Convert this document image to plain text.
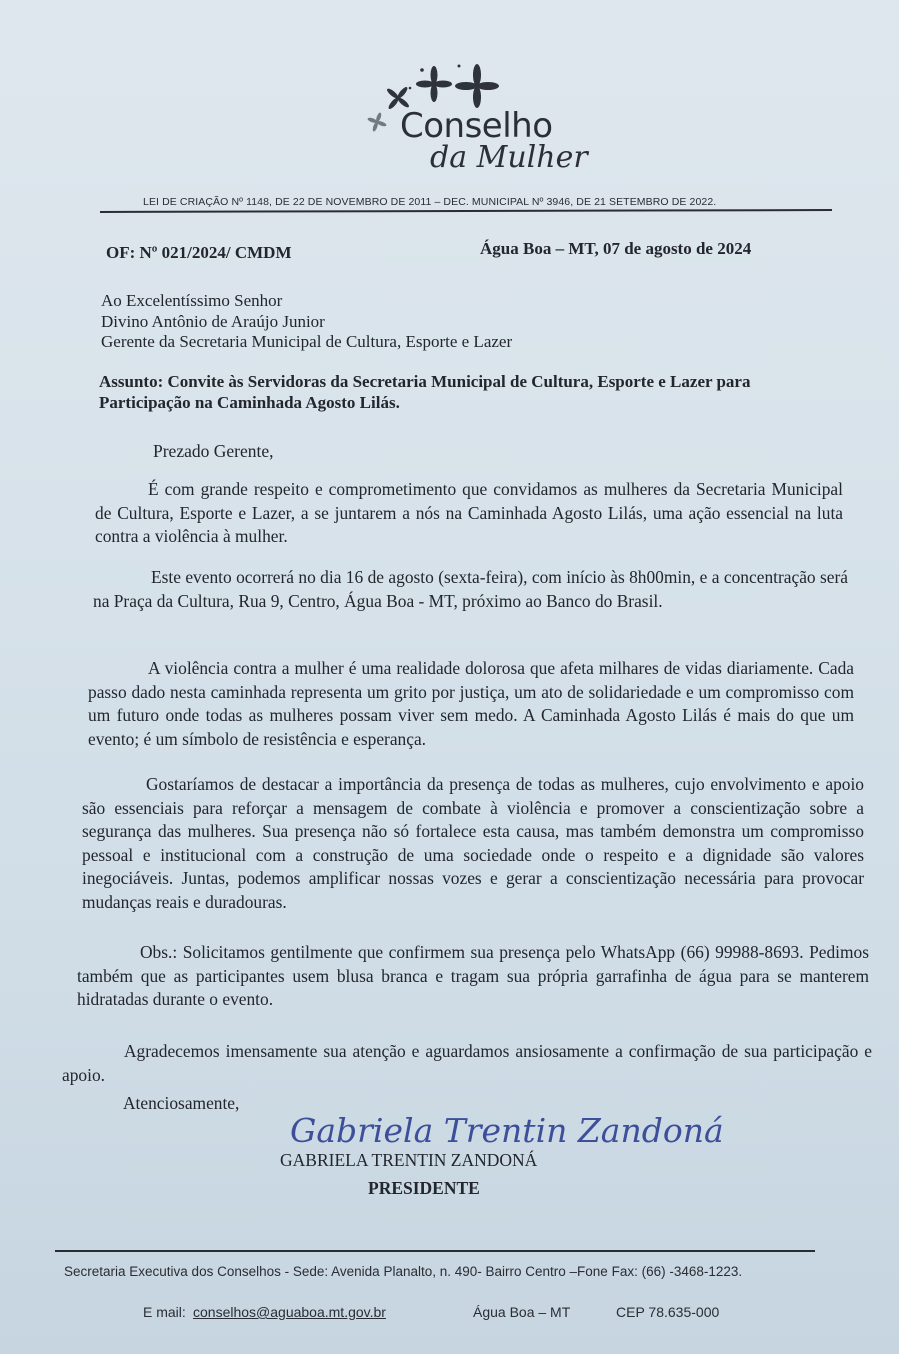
Conselho
da Mulher
LEI DE CRIAÇÃO Nº 1148, DE 22 DE NOVEMBRO DE 2011 – DEC. MUNICIPAL Nº 3946, DE 21 SETEMBRO DE 2022.
OF: Nº 021/2024/ CMDM	Água Boa – MT, 07 de agosto de 2024
Ao Excelentíssimo Senhor
Divino Antônio de Araújo Junior
Gerente da Secretaria Municipal de Cultura, Esporte e Lazer
Assunto: Convite às Servidoras da Secretaria Municipal de Cultura, Esporte e Lazer para Participação na Caminhada Agosto Lilás.
Prezado Gerente,
É com grande respeito e comprometimento que convidamos as mulheres da Secretaria Municipal de Cultura, Esporte e Lazer, a se juntarem a nós na Caminhada Agosto Lilás, uma ação essencial na luta contra a violência à mulher.
Este evento ocorrerá no dia 16 de agosto (sexta-feira), com início às 8h00min, e a concentração será na Praça da Cultura, Rua 9, Centro, Água Boa - MT, próximo ao Banco do Brasil.
A violência contra a mulher é uma realidade dolorosa que afeta milhares de vidas diariamente. Cada passo dado nesta caminhada representa um grito por justiça, um ato de solidariedade e um compromisso com um futuro onde todas as mulheres possam viver sem medo. A Caminhada Agosto Lilás é mais do que um evento; é um símbolo de resistência e esperança.
Gostaríamos de destacar a importância da presença de todas as mulheres, cujo envolvimento e apoio são essenciais para reforçar a mensagem de combate à violência e promover a conscientização sobre a segurança das mulheres. Sua presença não só fortalece esta causa, mas também demonstra um compromisso pessoal e institucional com a construção de uma sociedade onde o respeito e a dignidade são valores inegociáveis. Juntas, podemos amplificar nossas vozes e gerar a conscientização necessária para provocar mudanças reais e duradouras.
Obs.: Solicitamos gentilmente que confirmem sua presença pelo WhatsApp (66) 99988-8693. Pedimos também que as participantes usem blusa branca e tragam sua própria garrafinha de água para se manterem hidratadas durante o evento.
Agradecemos imensamente sua atenção e aguardamos ansiosamente a confirmação de sua participação e apoio.
Atenciosamente,
Gabriela Trentin Zandoná
GABRIELA TRENTIN ZANDONÁ
PRESIDENTE
Secretaria Executiva dos Conselhos - Sede: Avenida Planalto, n. 490- Bairro Centro –Fone Fax: (66) -3468-1223.
E mail: conselhos@aguaboa.mt.gov.br	Água Boa – MT	CEP 78.635-000
